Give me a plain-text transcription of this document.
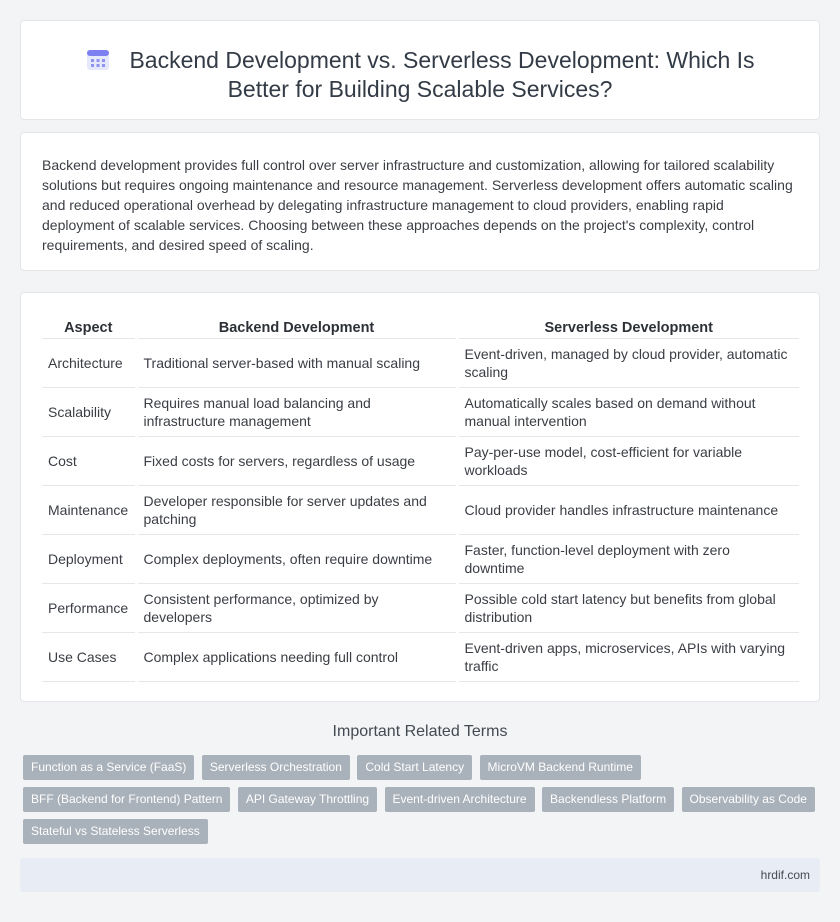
Backend Development vs. Serverless Development: Which Is Better for Building Scalable Services?

Backend development provides full control over server infrastructure and customization, allowing for tailored scalability solutions but requires ongoing maintenance and resource management. Serverless development offers automatic scaling and reduced operational overhead by delegating infrastructure management to cloud providers, enabling rapid deployment of scalable services. Choosing between these approaches depends on the project's complexity, control requirements, and desired speed of scaling.

Aspect	Backend Development	Serverless Development
Architecture	Traditional server-based with manual scaling	Event-driven, managed by cloud provider, automatic scaling
Scalability	Requires manual load balancing and infrastructure management	Automatically scales based on demand without manual intervention
Cost	Fixed costs for servers, regardless of usage	Pay-per-use model, cost-efficient for variable workloads
Maintenance	Developer responsible for server updates and patching	Cloud provider handles infrastructure maintenance
Deployment	Complex deployments, often require downtime	Faster, function-level deployment with zero downtime
Performance	Consistent performance, optimized by developers	Possible cold start latency but benefits from global distribution
Use Cases	Complex applications needing full control	Event-driven apps, microservices, APIs with varying traffic
Important Related Terms
Function as a Service (FaaS) Serverless Orchestration Cold Start Latency MicroVM Backend Runtime BFF (Backend for Frontend) Pattern API Gateway Throttling Event-driven Architecture Backendless Platform Observability as Code Stateful vs Stateless Serverless
hrdif.com
